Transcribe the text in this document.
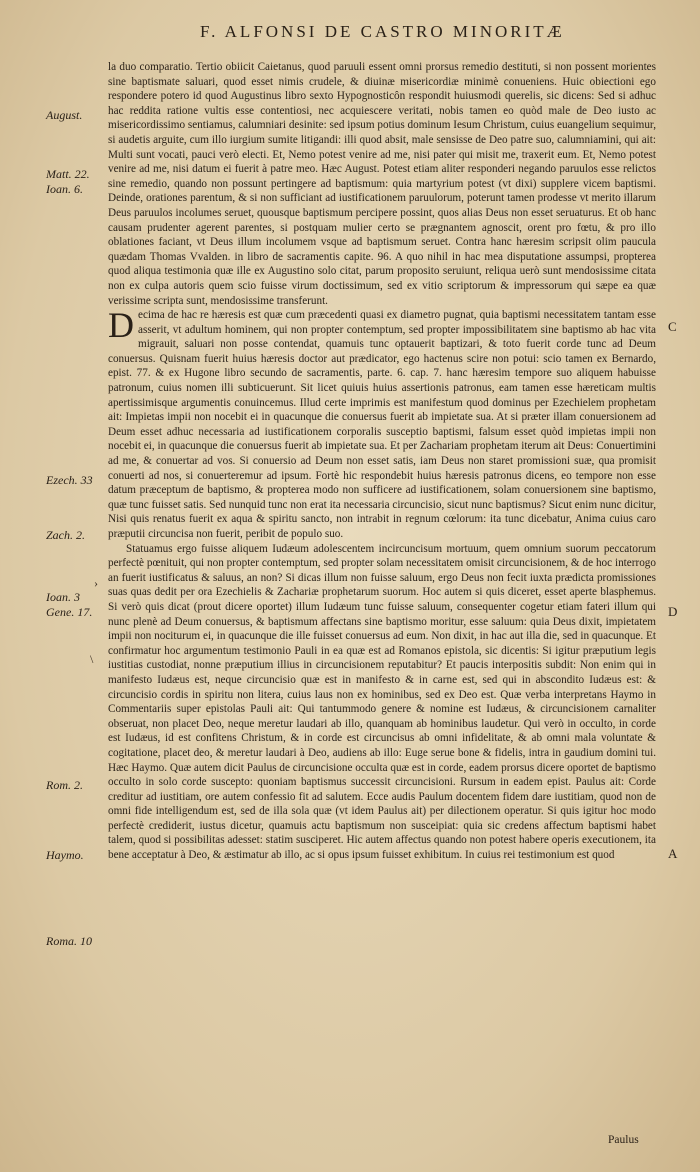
F. ALFONSI DE CASTRO MINORITÆ
August.
Matt. 22.
Ioan. 6.
Ezech. 33
Zach. 2.
Ioan. 3
Gene. 17.
Rom. 2.
Haymo.
Roma. 10
›
\
C
D
A

la duo comparatio. Tertio obiicit Caietanus, quod paruuli essent omni prorsus remedio destituti, si non possent morientes sine baptismate saluari, quod esset nimis crudele, & diuinæ misericordiæ minimè conueniens. Huic obiectioni ego respondere potero id quod Augustinus libro sexto Hypognosticôn respondit huiusmodi querelis, sic dicens: Sed si adhuc hac reddita ratione vultis esse contentiosi, nec acquiescere veritati, nobis tamen eo quòd male de Deo iusto ac misericordissimo sentiamus, calumniari desinite: sed ipsum potius dominum Iesum Christum, cuius euangelium sequimur, si audetis arguite, cum illo iurgium sumite litigandi: illi quod absit, male sensisse de Deo patre suo, calumniamini, qui ait: Multi sunt vocati, pauci verò electi. Et, Nemo potest venire ad me, nisi pater qui misit me, traxerit eum. Et, Nemo potest venire ad me, nisi datum ei fuerit à patre meo. Hæc August. Potest etiam aliter responderi negando paruulos esse relictos sine remedio, quando non possunt pertingere ad baptismum: quia martyrium potest (vt dixi) supplere vicem baptismi. Deinde, orationes parentum, & si non sufficiant ad iustificationem paruulorum, poterunt tamen prodesse vt merito illarum Deus paruulos incolumes seruet, quousque baptismum percipere possint, quos alias Deus non esset seruaturus. Et ob hanc causam prudenter agerent parentes, si postquam mulier certo se prægnantem agnoscit, orent pro fœtu, & pro illo oblationes faciant, vt Deus illum incolumem vsque ad baptismum seruet. Contra hanc hæresim scripsit olim paucula quædam Thomas Vvalden. in libro de sacramentis capite. 96. A quo nihil in hac mea disputatione assumpsi, propterea quod aliqua testimonia quæ ille ex Augustino solo citat, parum proposito seruiunt, reliqua uerò sunt mendosissime citata non ex culpa autoris quem scio fuisse virum doctissimum, sed ex vitio scriptorum & impressorum qui sæpe ea quæ verissime scripta sunt, mendosissime transferunt.

Decima de hac re hæresis est quæ cum præcedenti quasi ex diametro pugnat, quia baptismi necessitatem tantam esse asserit, vt adultum hominem, qui non propter contemptum, sed propter impossibilitatem sine baptismo ab hac vita migrauit, saluari non posse contendat, quamuis tunc optauerit baptizari, & toto fuerit corde tunc ad Deum conuersus. Quisnam fuerit huius hæresis doctor aut prædicator, ego hactenus scire non potui: scio tamen ex Bernardo, epist. 77. & ex Hugone libro secundo de sacramentis, parte. 6. cap. 7. hanc hæresim tempore suo aliquem habuisse patronum, cuius nomen illi subticuerunt. Sit licet quiuis huius assertionis patronus, eam tamen esse hæreticam multis apertissimisque argumentis conuincemus. Illud certe imprimis est manifestum quod dominus per Ezechielem prophetam ait: Impietas impii non nocebit ei in quacunque die conuersus fuerit ab impietate sua. At si præter illam conuersionem ad Deum esset adhuc necessaria ad iustificationem corporalis susceptio baptismi, falsum esset quòd impietas impii non nocebit ei, in quacunque die conuersus fuerit ab impietate sua. Et per Zachariam prophetam iterum ait Deus: Conuertimini ad me, & conuertar ad vos. Si conuersio ad Deum non esset satis, iam Deus non staret promissioni suæ, qua promisit conuerti ad nos, si conuerteremur ad ipsum. Fortè hic respondebit huius hæresis patronus dicens, eo tempore non esse datum præceptum de baptismo, & propterea modo non sufficere ad iustificationem, solam conuersionem sine baptismo, quæ tunc fuisset satis. Sed nunquid tunc non erat ita necessaria circuncisio, sicut nunc baptismus? Sicut enim nunc dicitur, Nisi quis renatus fuerit ex aqua & spiritu sancto, non intrabit in regnum cœlorum: ita tunc dicebatur, Anima cuius caro præputii circuncisa non fuerit, peribit de populo suo.

Statuamus ergo fuisse aliquem Iudæum adolescentem incircuncisum mortuum, quem omnium suorum peccatorum perfectè pœnituit, qui non propter contemptum, sed propter solam necessitatem omisit circuncisionem, & de hoc interrogo an fuerit iustificatus & saluus, an non? Si dicas illum non fuisse saluum, ergo Deus non fecit iuxta prædicta promissiones suas quas dedit per ora Ezechielis & Zachariæ prophetarum suorum. Hoc autem si quis diceret, esset aperte blasphemus. Si verò quis dicat (prout dicere oportet) illum Iudæum tunc fuisse saluum, consequenter cogetur etiam fateri illum qui nunc plenè ad Deum conuersus, & baptismum affectans sine baptismo moritur, esse saluum: quia Deus dixit, impietatem impii non nociturum ei, in quacunque die ille fuisset conuersus ad eum. Non dixit, in hac aut illa die, sed in quacunque. Et confirmatur hoc argumentum testimonio Pauli in ea quæ est ad Romanos epistola, sic dicentis: Si igitur præputium legis iustitias custodiat, nonne præputium illius in circuncisionem reputabitur? Et paucis interpositis subdit: Non enim qui in manifesto Iudæus est, neque circuncisio quæ est in manifesto & in carne est, sed qui in abscondito Iudæus est: & circuncisio cordis in spiritu non litera, cuius laus non ex hominibus, sed ex Deo est. Quæ verba interpretans Haymo in Commentariis super epistolas Pauli ait: Qui tantummodo genere & nomine est Iudæus, & circuncisionem carnaliter obseruat, non placet Deo, neque meretur laudari ab illo, quanquam ab hominibus laudetur. Qui verò in occulto, in corde est Iudæus, id est confitens Christum, & in corde est circuncisus ab omni infidelitate, & ab omni mala voluntate & cogitatione, placet deo, & meretur laudari à Deo, audiens ab illo: Euge serue bone & fidelis, intra in gaudium domini tui. Hæc Haymo. Quæ autem dicit Paulus de circuncisione occulta quæ est in corde, eadem prorsus dicere oportet de baptismo occulto in solo corde suscepto: quoniam baptismus successit circuncisioni. Rursum in eadem epist. Paulus ait: Corde creditur ad iustitiam, ore autem confessio fit ad salutem. Ecce audis Paulum docentem fidem dare iustitiam, quod non de omni fide intelligendum est, sed de illa sola quæ (vt idem Paulus ait) per dilectionem operatur. Si quis igitur hoc modo perfectè crediderit, iustus dicetur, quamuis actu baptismum non susceipiat: quia sic credens affectum baptismi habet talem, quod si possibilitas adesset: statim susciperet. Hic autem affectus quando non potest habere operis executionem, ita bene acceptatur à Deo, & æstimatur ab illo, ac si opus ipsum fuisset exhibitum. In cuius rei testimonium est quod

Paulus
